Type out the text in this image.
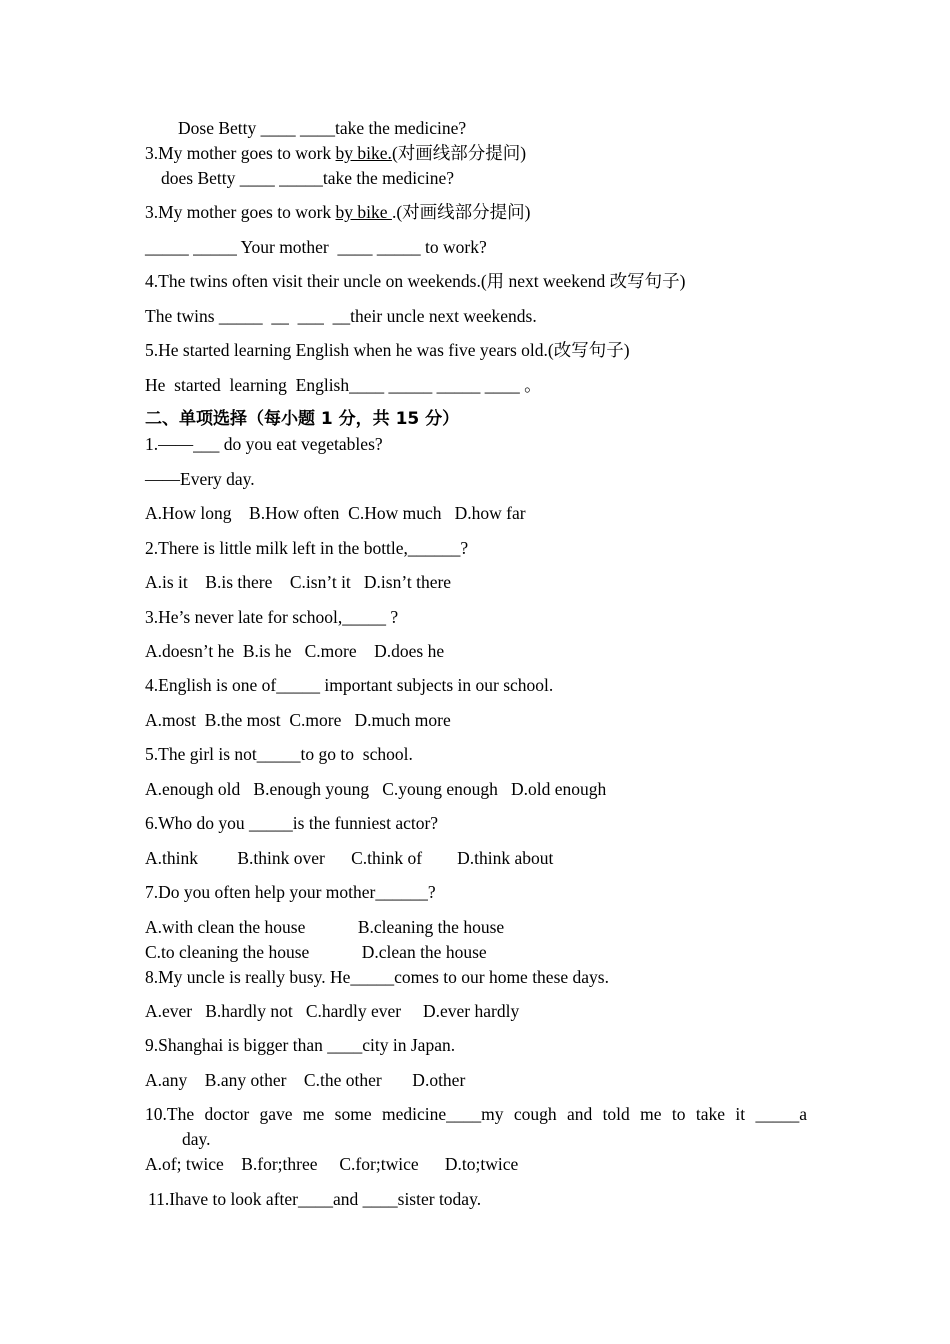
Dose Betty ____ ____take the medicine?
3.My mother goes to work by bike.(对画线部分提问)
does Betty ____ _____take the medicine?
3.My mother goes to work by bike .(对画线部分提问)
_____ _____ Your mother  ____ _____ to work?
4.The twins often visit their uncle on weekends.(用 next weekend 改写句子)
The twins _____  __  ___  __their uncle next weekends.
5.He started learning English when he was five years old.(改写句子)
He  started  learning  English____ _____ _____ ____ 。
二、单项选择（每小题 1 分，共 15 分）
1.——___ do you eat vegetables?
——Every day.
A.How long    B.How often  C.How much   D.how far
2.There is little milk left in the bottle,______?
A.is it    B.is there    C.isn’t it   D.isn’t there
3.He’s never late for school,_____ ?
A.doesn’t he  B.is he   C.more    D.does he
4.English is one of_____ important subjects in our school.
A.most  B.the most  C.more   D.much more
5.The girl is not_____to go to  school.
A.enough old   B.enough young   C.young enough   D.old enough
6.Who do you _____is the funniest actor?
A.think         B.think over      C.think of        D.think about
7.Do you often help your mother______?
A.with clean the house            B.cleaning the house
C.to cleaning the house            D.clean the house
8.My uncle is really busy. He_____comes to our home these days.
A.ever   B.hardly not   C.hardly ever     D.ever hardly
9.Shanghai is bigger than ____city in Japan.
A.any    B.any other    C.the other       D.other
10.The doctor gave me some medicine____my cough and told me to take it _____a
day.
A.of; twice    B.for;three     C.for;twice      D.to;twice
11.Ihave to look after____and ____sister today.
